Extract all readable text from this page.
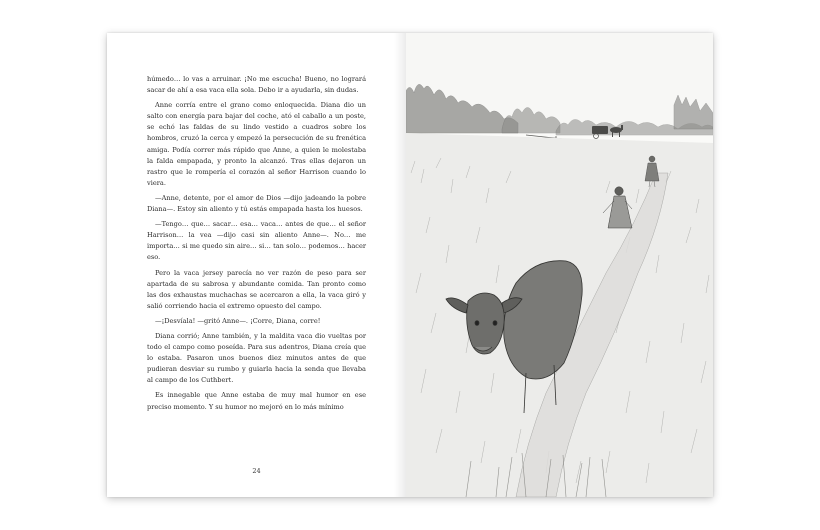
húmedo… lo vas a arruinar. ¡No me escucha! Bueno, no logrará sacar de ahí a esa vaca ella sola. Debo ir a ayudarla, sin dudas.

Anne corría entre el grano como enloquecida. Diana dio un salto con energía para bajar del coche, ató el caballo a un poste, se echó las faldas de su lindo vestido a cuadros sobre los hombros, cruzó la cerca y empezó la persecución de su frenética amiga. Podía correr más rápido que Anne, a quien le molestaba la falda empapada, y pronto la alcanzó. Tras ellas dejaron un rastro que le rompería el corazón al señor Harrison cuando lo viera.

—Anne, detente, por el amor de Dios —dijo jadeando la pobre Diana—. Estoy sin aliento y tú estás empapada hasta los huesos.

—Tengo… que… sacar… esa… vaca… antes de que… el señor Harrison… la vea —dijo casi sin aliento Anne—. No… me importa… si me quedo sin aire… si… tan solo… podemos… hacer eso.

Pero la vaca jersey parecía no ver razón de peso para ser apartada de su sabrosa y abundante comida. Tan pronto como las dos exhaustas muchachas se acercaron a ella, la vaca giró y salió corriendo hacia el extremo opuesto del campo.

—¡Desvíala! —gritó Anne—. ¡Corre, Diana, corre!

Diana corrió; Anne también, y la maldita vaca dio vueltas por todo el campo como poseída. Para sus adentros, Diana creía que lo estaba. Pasaron unos buenos diez minutos antes de que pudieran desviar su rumbo y guiarla hacia la senda que llevaba al campo de los Cuthbert.

Es innegable que Anne estaba de muy mal humor en ese preciso momento. Y su humor no mejoró en lo más mínimo

24
